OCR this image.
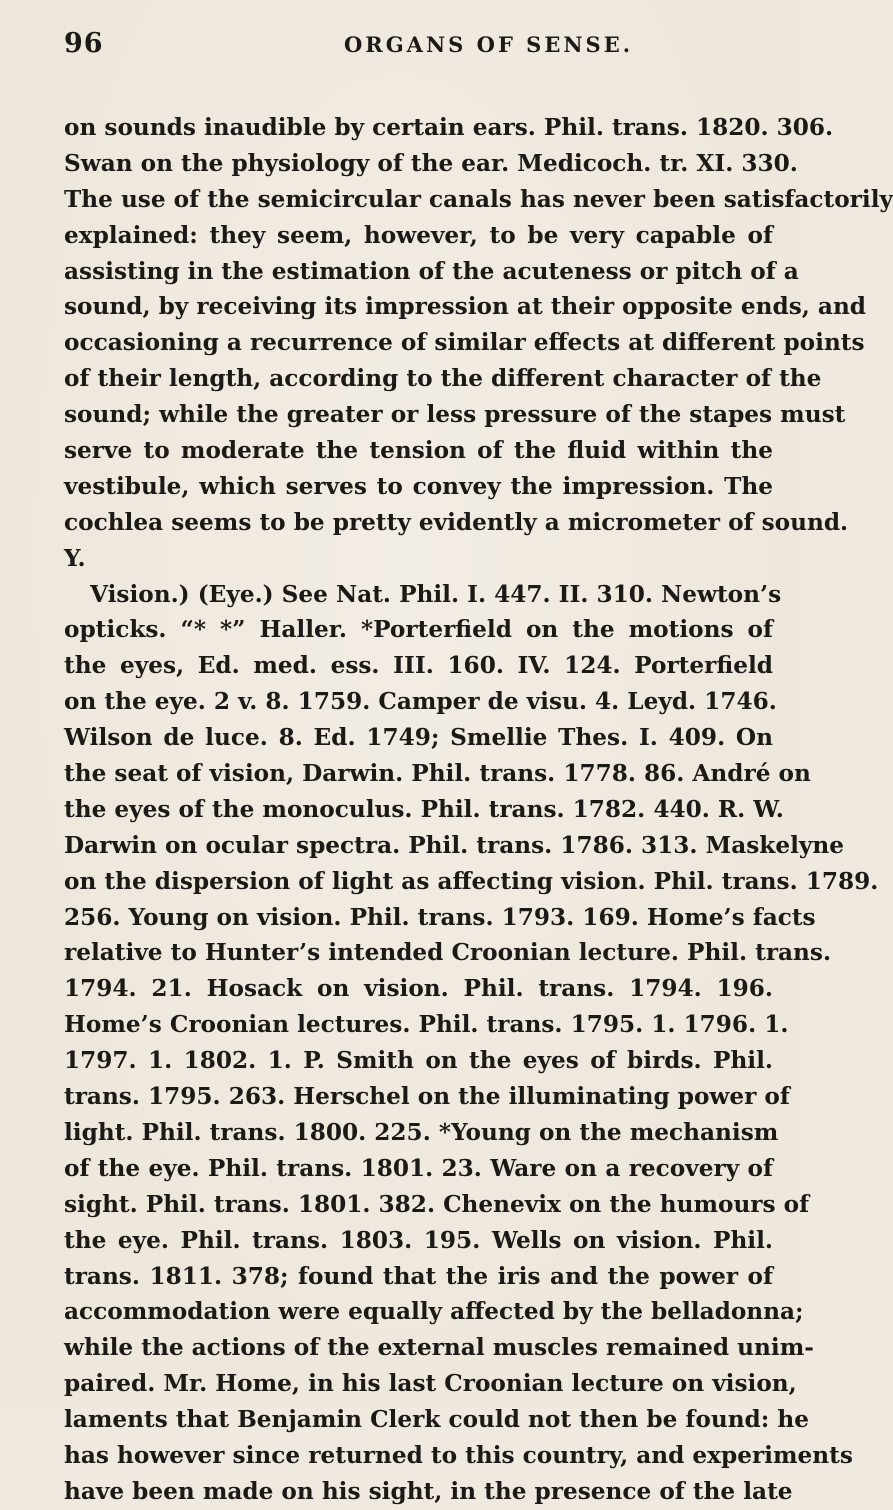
96	ORGANS OF SENSE.
on sounds inaudible by certain ears. Phil. trans. 1820. 306.
Swan on the physiology of the ear. Medicoch. tr. XI. 330.
The use of the semicircular canals has never been satisfactorily
explained: they seem, however, to be very capable of
assisting in the estimation of the acuteness or pitch of a
sound, by receiving its impression at their opposite ends, and
occasioning a recurrence of similar effects at different points
of their length, according to the different character of the
sound; while the greater or less pressure of the stapes must
serve to moderate the tension of the fluid within the
vestibule, which serves to convey the impression. The
cochlea seems to be pretty evidently a micrometer of sound.
Y.
Vision.) (Eye.) See Nat. Phil. I. 447. II. 310. Newton’s
opticks. “* *” Haller. *Porterfield on the motions of
the eyes, Ed. med. ess. III. 160. IV. 124. Porterfield
on the eye. 2 v. 8. 1759. Camper de visu. 4. Leyd. 1746.
Wilson de luce. 8. Ed. 1749; Smellie Thes. I. 409. On
the seat of vision, Darwin. Phil. trans. 1778. 86. André on
the eyes of the monoculus. Phil. trans. 1782. 440. R. W.
Darwin on ocular spectra. Phil. trans. 1786. 313. Maskelyne
on the dispersion of light as affecting vision. Phil. trans. 1789.
256. Young on vision. Phil. trans. 1793. 169. Home’s facts
relative to Hunter’s intended Croonian lecture. Phil. trans.
1794. 21. Hosack on vision. Phil. trans. 1794. 196.
Home’s Croonian lectures. Phil. trans. 1795. 1. 1796. 1.
1797. 1. 1802. 1. P. Smith on the eyes of birds. Phil.
trans. 1795. 263. Herschel on the illuminating power of
light. Phil. trans. 1800. 225. *Young on the mechanism
of the eye. Phil. trans. 1801. 23. Ware on a recovery of
sight. Phil. trans. 1801. 382. Chenevix on the humours of
the eye. Phil. trans. 1803. 195. Wells on vision. Phil.
trans. 1811. 378; found that the iris and the power of
accommodation were equally affected by the belladonna;
while the actions of the external muscles remained unim-
paired. Mr. Home, in his last Croonian lecture on vision,
laments that Benjamin Clerk could not then be found: he
has however since returned to this country, and experiments
have been made on his sight, in the presence of the late
